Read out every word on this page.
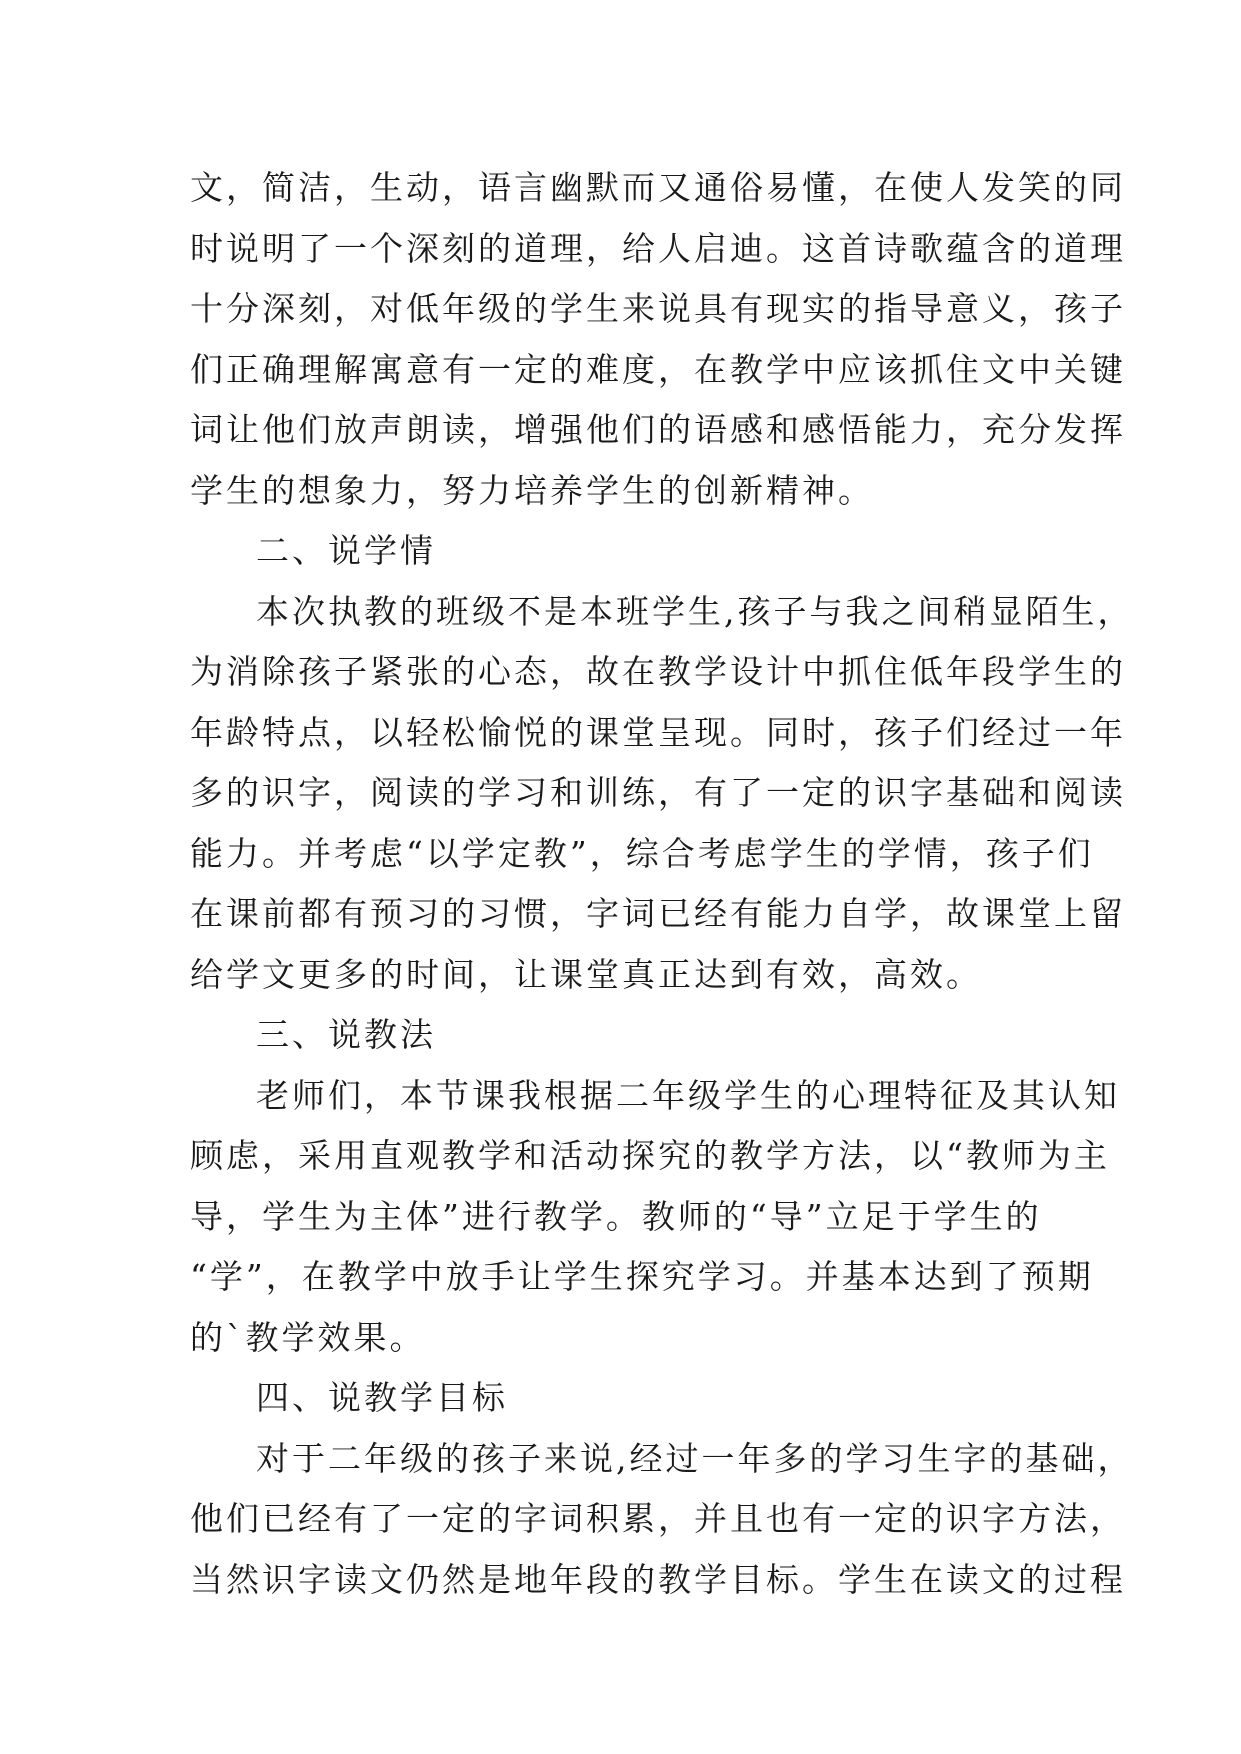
文，简洁，生动，语言幽默而又通俗易懂，在使人发笑的同
时说明了一个深刻的道理，给人启迪。这首诗歌蕴含的道理
十分深刻，对低年级的学生来说具有现实的指导意义，孩子
们正确理解寓意有一定的难度，在教学中应该抓住文中关键
词让他们放声朗读，增强他们的语感和感悟能力，充分发挥
学生的想象力，努力培养学生的创新精神。
二、说学情
本次执教的班级不是本班学生,孩子与我之间稍显陌生，
为消除孩子紧张的心态，故在教学设计中抓住低年段学生的
年龄特点，以轻松愉悦的课堂呈现。同时，孩子们经过一年
多的识字，阅读的学习和训练，有了一定的识字基础和阅读
能力。并考虑“以学定教”，综合考虑学生的学情，孩子们
在课前都有预习的习惯，字词已经有能力自学，故课堂上留
给学文更多的时间，让课堂真正达到有效，高效。
三、说教法
老师们，本节课我根据二年级学生的心理特征及其认知
顾虑，采用直观教学和活动探究的教学方法，以“教师为主
导，学生为主体”进行教学。教师的“导”立足于学生的
“学”，在教学中放手让学生探究学习。并基本达到了预期
的`教学效果。
四、说教学目标
对于二年级的孩子来说,经过一年多的学习生字的基础，
他们已经有了一定的字词积累，并且也有一定的识字方法，
当然识字读文仍然是地年段的教学目标。学生在读文的过程
